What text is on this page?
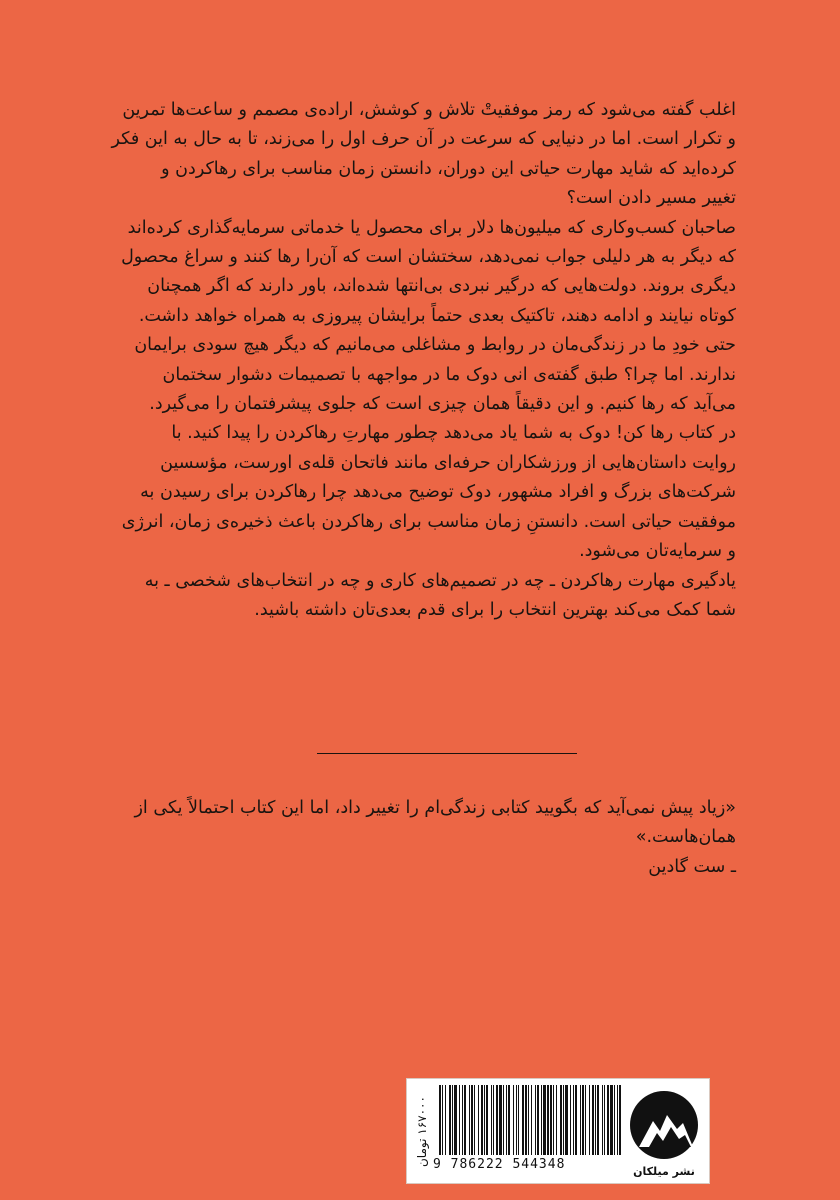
اغلب گفته می‌شود که رمز موفقیتْ تلاش و کوشش، اراده‌ی مصمم و ساعت‌ها تمرین
و تکرار است. اما در دنیایی که سرعت در آن حرف اول را می‌زند، تا به حال به این فکر
کرده‌اید که شاید مهارت حیاتی این دوران، دانستن زمان مناسب برای رهاکردن و
تغییر مسیر دادن است؟
صاحبان کسب‌وکاری که میلیون‌ها دلار برای محصول یا خدماتی سرمایه‌گذاری کرده‌اند
که دیگر به هر دلیلی جواب نمی‌دهد، سختشان است که آن‌را رها کنند و سراغ محصول
دیگری بروند. دولت‌هایی که درگیر نبردی بی‌انتها شده‌اند، باور دارند که اگر همچنان
کوتاه نیایند و ادامه دهند، تاکتیک بعدی حتماً برایشان پیروزی به همراه خواهد داشت.
حتی خودِ ما در زندگی‌مان در روابط و مشاغلی می‌مانیم که دیگر هیچ سودی برایمان
ندارند. اما چرا؟ طبق گفته‌ی انی دوک ما در مواجهه با تصمیمات دشوار سختمان
می‌آید که رها کنیم. و این دقیقاً همان چیزی است که جلوی پیشرفتمان را می‌گیرد.
در کتاب رها کن! دوک به شما یاد می‌دهد چطور مهارتِ رهاکردن را پیدا کنید. با
روایت داستان‌هایی از ورزشکاران حرفه‌ای مانند فاتحان قله‌ی اورست، مؤسسین
شرکت‌های بزرگ و افراد مشهور، دوک توضیح می‌دهد چرا رهاکردن برای رسیدن به
موفقیت حیاتی است. دانستنِ زمان مناسب برای رهاکردن باعث ذخیره‌ی زمان، انرژی
و سرمایه‌تان می‌شود.
یادگیری مهارت رهاکردن ـ چه در تصمیم‌های کاری و چه در انتخاب‌های شخصی ـ به
شما کمک می‌کند بهترین انتخاب را برای قدم بعدی‌تان داشته باشید.
«زیاد پیش نمی‌آید که بگویید کتابی زندگی‌ام را تغییر داد، اما این کتاب احتمالاً یکی از
همان‌هاست.»
ـ ست گادین
۱۶۷۰۰۰ تومان
9 786222 544348	نشر میلکان
